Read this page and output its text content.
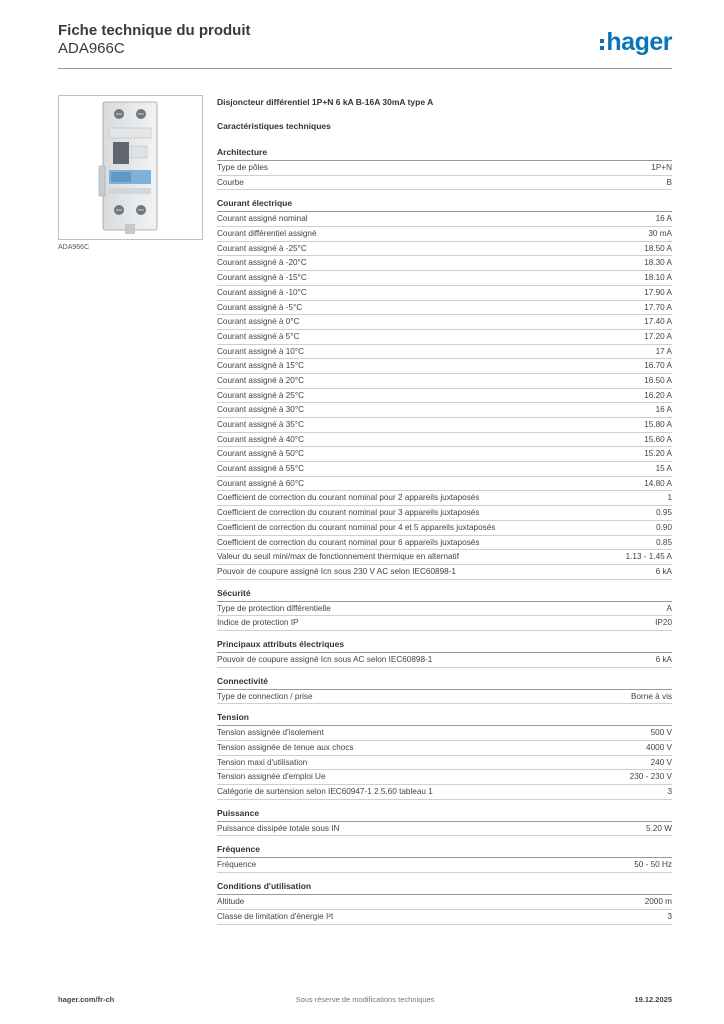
Fiche technique du produit
ADA966C	hager
ADA966C
Disjoncteur différentiel 1P+N 6 kA B-16A 30mA type A
Caractéristiques techniques
Architecture
Type de pôles	1P+N
Courbe	B
Courant électrique
Courant assigné nominal	16 A
Courant différentiel assigné	30 mA
Courant assigné à -25°C	18.50 A
Courant assigné à -20°C	18.30 A
Courant assigné à -15°C	18.10 A
Courant assigné à -10°C	17.90 A
Courant assigné à -5°C	17.70 A
Courant assigné à 0°C	17.40 A
Courant assigné à 5°C	17.20 A
Courant assigné à 10°C	17 A
Courant assigné à 15°C	16.70 A
Courant assigné à 20°C	16.50 A
Courant assigné à 25°C	16.20 A
Courant assigné à 30°C	16 A
Courant assigné à 35°C	15.80 A
Courant assigné à 40°C	15.60 A
Courant assigné à 50°C	15.20 A
Courant assigné à 55°C	15 A
Courant assigné à 60°C	14.80 A
Coefficient de correction du courant nominal pour 2 appareils juxtaposés	1
Coefficient de correction du courant nominal pour 3 appareils juxtaposés	0.95
Coefficient de correction du courant nominal pour 4 et 5 appareils juxtaposés	0.90
Coefficient de correction du courant nominal pour 6 appareils juxtaposés	0.85
Valeur du seuil mini/max de fonctionnement thermique en alternatif	1.13 - 1.45 A
Pouvoir de coupure assigné Icn sous 230 V AC selon IEC60898-1	6 kA
Sécurité
Type de protection différentielle	A
Indice de protection IP	IP20
Principaux attributs électriques
Pouvoir de coupure assigné Icn sous AC selon IEC60898-1	6 kA
Connectivité
Type de connection / prise	Borne à vis
Tension
Tension assignée d'isolement	500 V
Tension assignée de tenue aux chocs	4000 V
Tension maxi d'utilisation	240 V
Tension assignée d'emploi Ue	230 - 230 V
Catégorie de surtension selon IEC60947-1 2.5.60 tableau 1	3
Puissance
Puissance dissipée totale sous IN	5.20 W
Fréquence
Fréquence	50 - 50 Hz
Conditions d'utilisation
Altitude	2000 m
Classe de limitation d'énergie I²t	3
hager.com/fr-ch	Sous réserve de modifications techniques	19.12.2025
